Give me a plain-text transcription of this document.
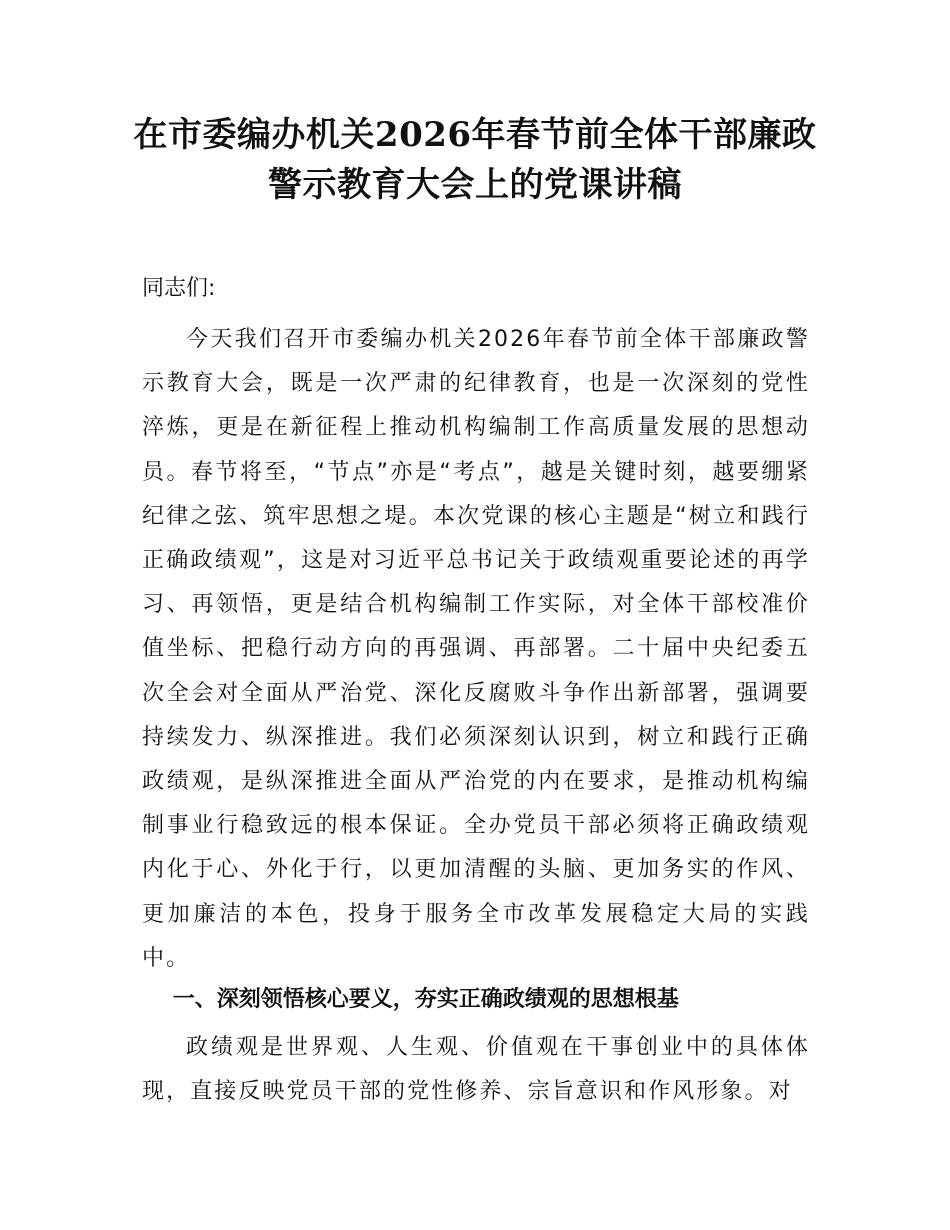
在市委编办机关2026年春节前全体干部廉政
警示教育大会上的党课讲稿

同志们:

今天我们召开市委编办机关2026年春节前全体干部廉政警示教育大会，既是一次严肃的纪律教育，也是一次深刻的党性淬炼，更是在新征程上推动机构编制工作高质量发展的思想动员。春节将至，“节点”亦是“考点”，越是关键时刻，越要绷紧纪律之弦、筑牢思想之堤。本次党课的核心主题是“树立和践行正确政绩观”，这是对习近平总书记关于政绩观重要论述的再学习、再领悟，更是结合机构编制工作实际，对全体干部校准价值坐标、把稳行动方向的再强调、再部署。二十届中央纪委五次全会对全面从严治党、深化反腐败斗争作出新部署，强调要持续发力、纵深推进。我们必须深刻认识到，树立和践行正确政绩观，是纵深推进全面从严治党的内在要求，是推动机构编制事业行稳致远的根本保证。全办党员干部必须将正确政绩观内化于心、外化于行，以更加清醒的头脑、更加务实的作风、更加廉洁的本色，投身于服务全市改革发展稳定大局的实践中。

一、深刻领悟核心要义，夯实正确政绩观的思想根基

政绩观是世界观、人生观、价值观在干事创业中的具体体现，直接反映党员干部的党性修养、宗旨意识和作风形象。对
